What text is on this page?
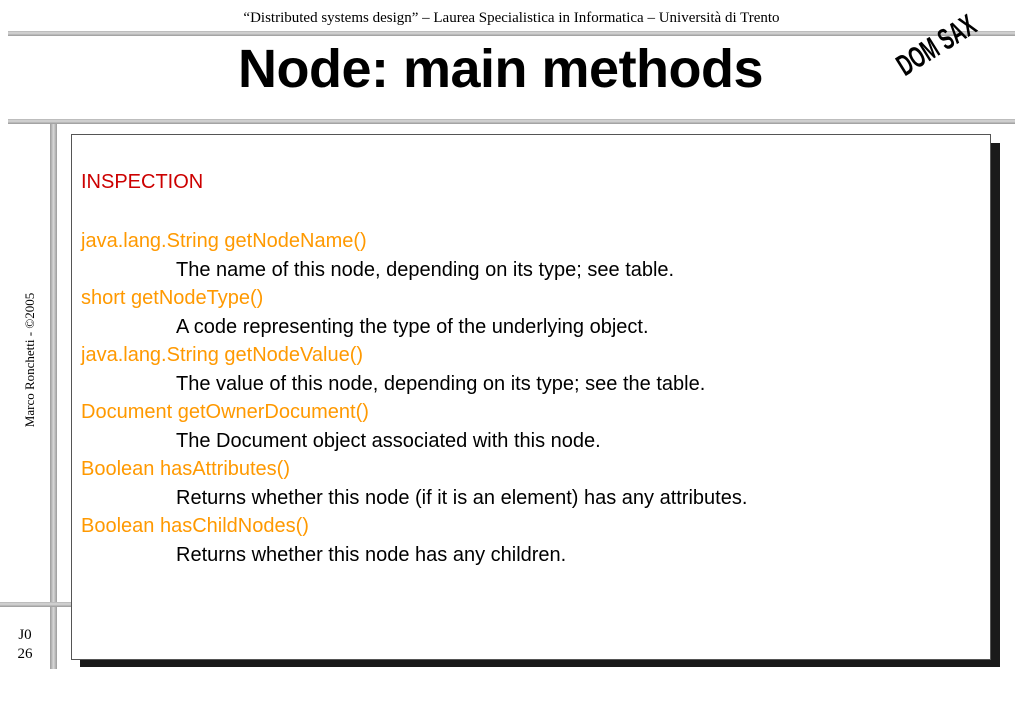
“Distributed systems design” – Laurea Specialistica in Informatica – Università di Trento
Node: main methods	DOM SAX
Marco Ronchetti - ©2005
J0
26
INSPECTION
java.lang.String getNodeName()
The name of this node, depending on its type; see table.
short getNodeType()
A code representing the type of the underlying object.
java.lang.String getNodeValue()
The value of this node, depending on its type; see the table.
Document getOwnerDocument()
The Document object associated with this node.
Boolean hasAttributes()
Returns whether this node (if it is an element) has any attributes.
Boolean hasChildNodes()
Returns whether this node has any children.
